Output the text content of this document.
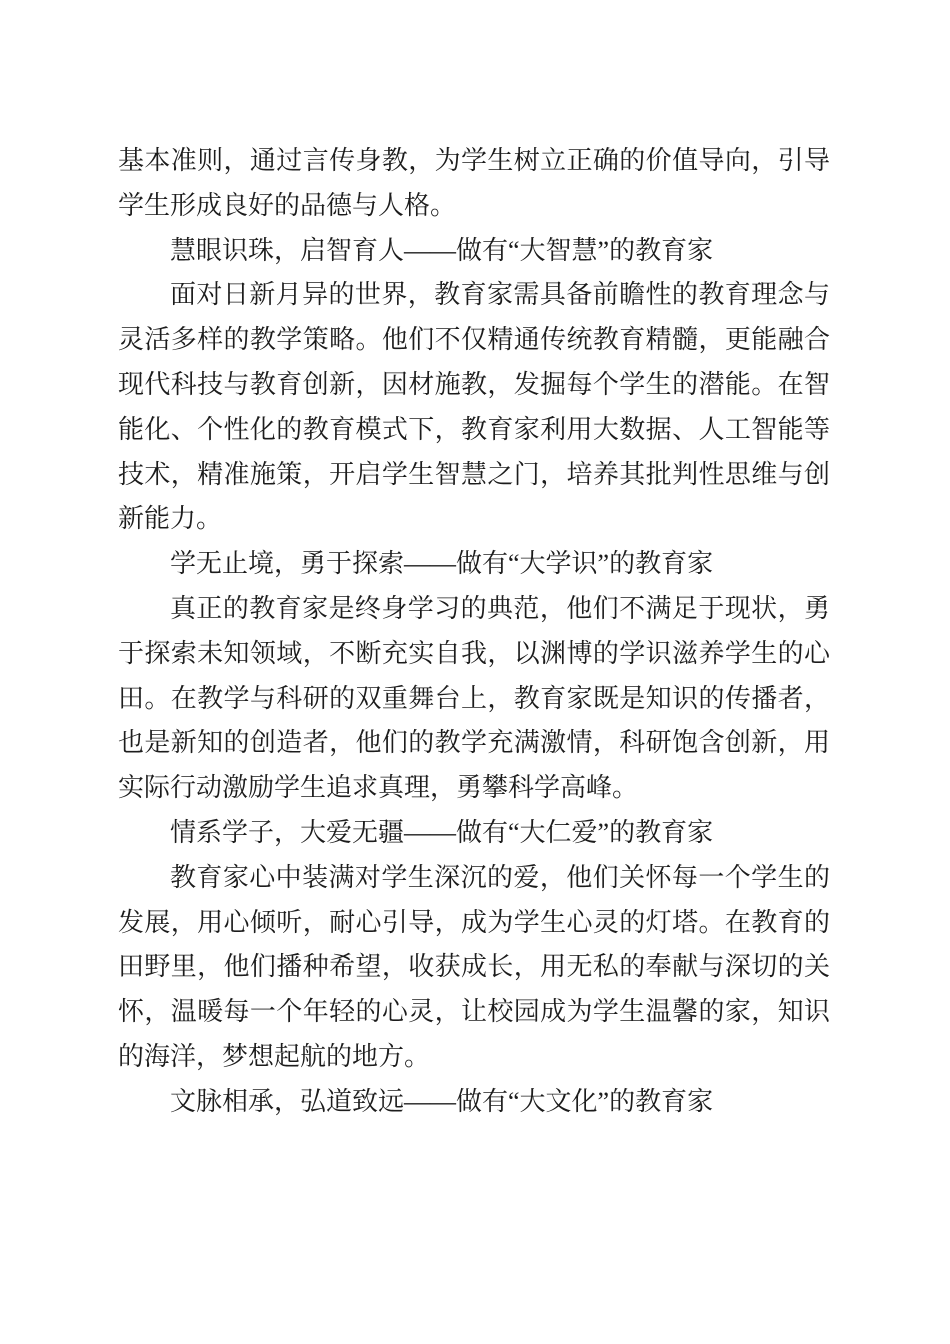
基本准则，通过言传身教，为学生树立正确的价值导向，引导
学生形成良好的品德与人格。
慧眼识珠，启智育人——做有“大智慧”的教育家
面对日新月异的世界，教育家需具备前瞻性的教育理念与
灵活多样的教学策略。他们不仅精通传统教育精髓，更能融合
现代科技与教育创新，因材施教，发掘每个学生的潜能。在智
能化、个性化的教育模式下，教育家利用大数据、人工智能等
技术，精准施策，开启学生智慧之门，培养其批判性思维与创
新能力。
学无止境，勇于探索——做有“大学识”的教育家
真正的教育家是终身学习的典范，他们不满足于现状，勇
于探索未知领域，不断充实自我，以渊博的学识滋养学生的心
田。在教学与科研的双重舞台上，教育家既是知识的传播者，
也是新知的创造者，他们的教学充满激情，科研饱含创新，用
实际行动激励学生追求真理，勇攀科学高峰。
情系学子，大爱无疆——做有“大仁爱”的教育家
教育家心中装满对学生深沉的爱，他们关怀每一个学生的
发展，用心倾听，耐心引导，成为学生心灵的灯塔。在教育的
田野里，他们播种希望，收获成长，用无私的奉献与深切的关
怀，温暖每一个年轻的心灵，让校园成为学生温馨的家，知识
的海洋，梦想起航的地方。
文脉相承，弘道致远——做有“大文化”的教育家
